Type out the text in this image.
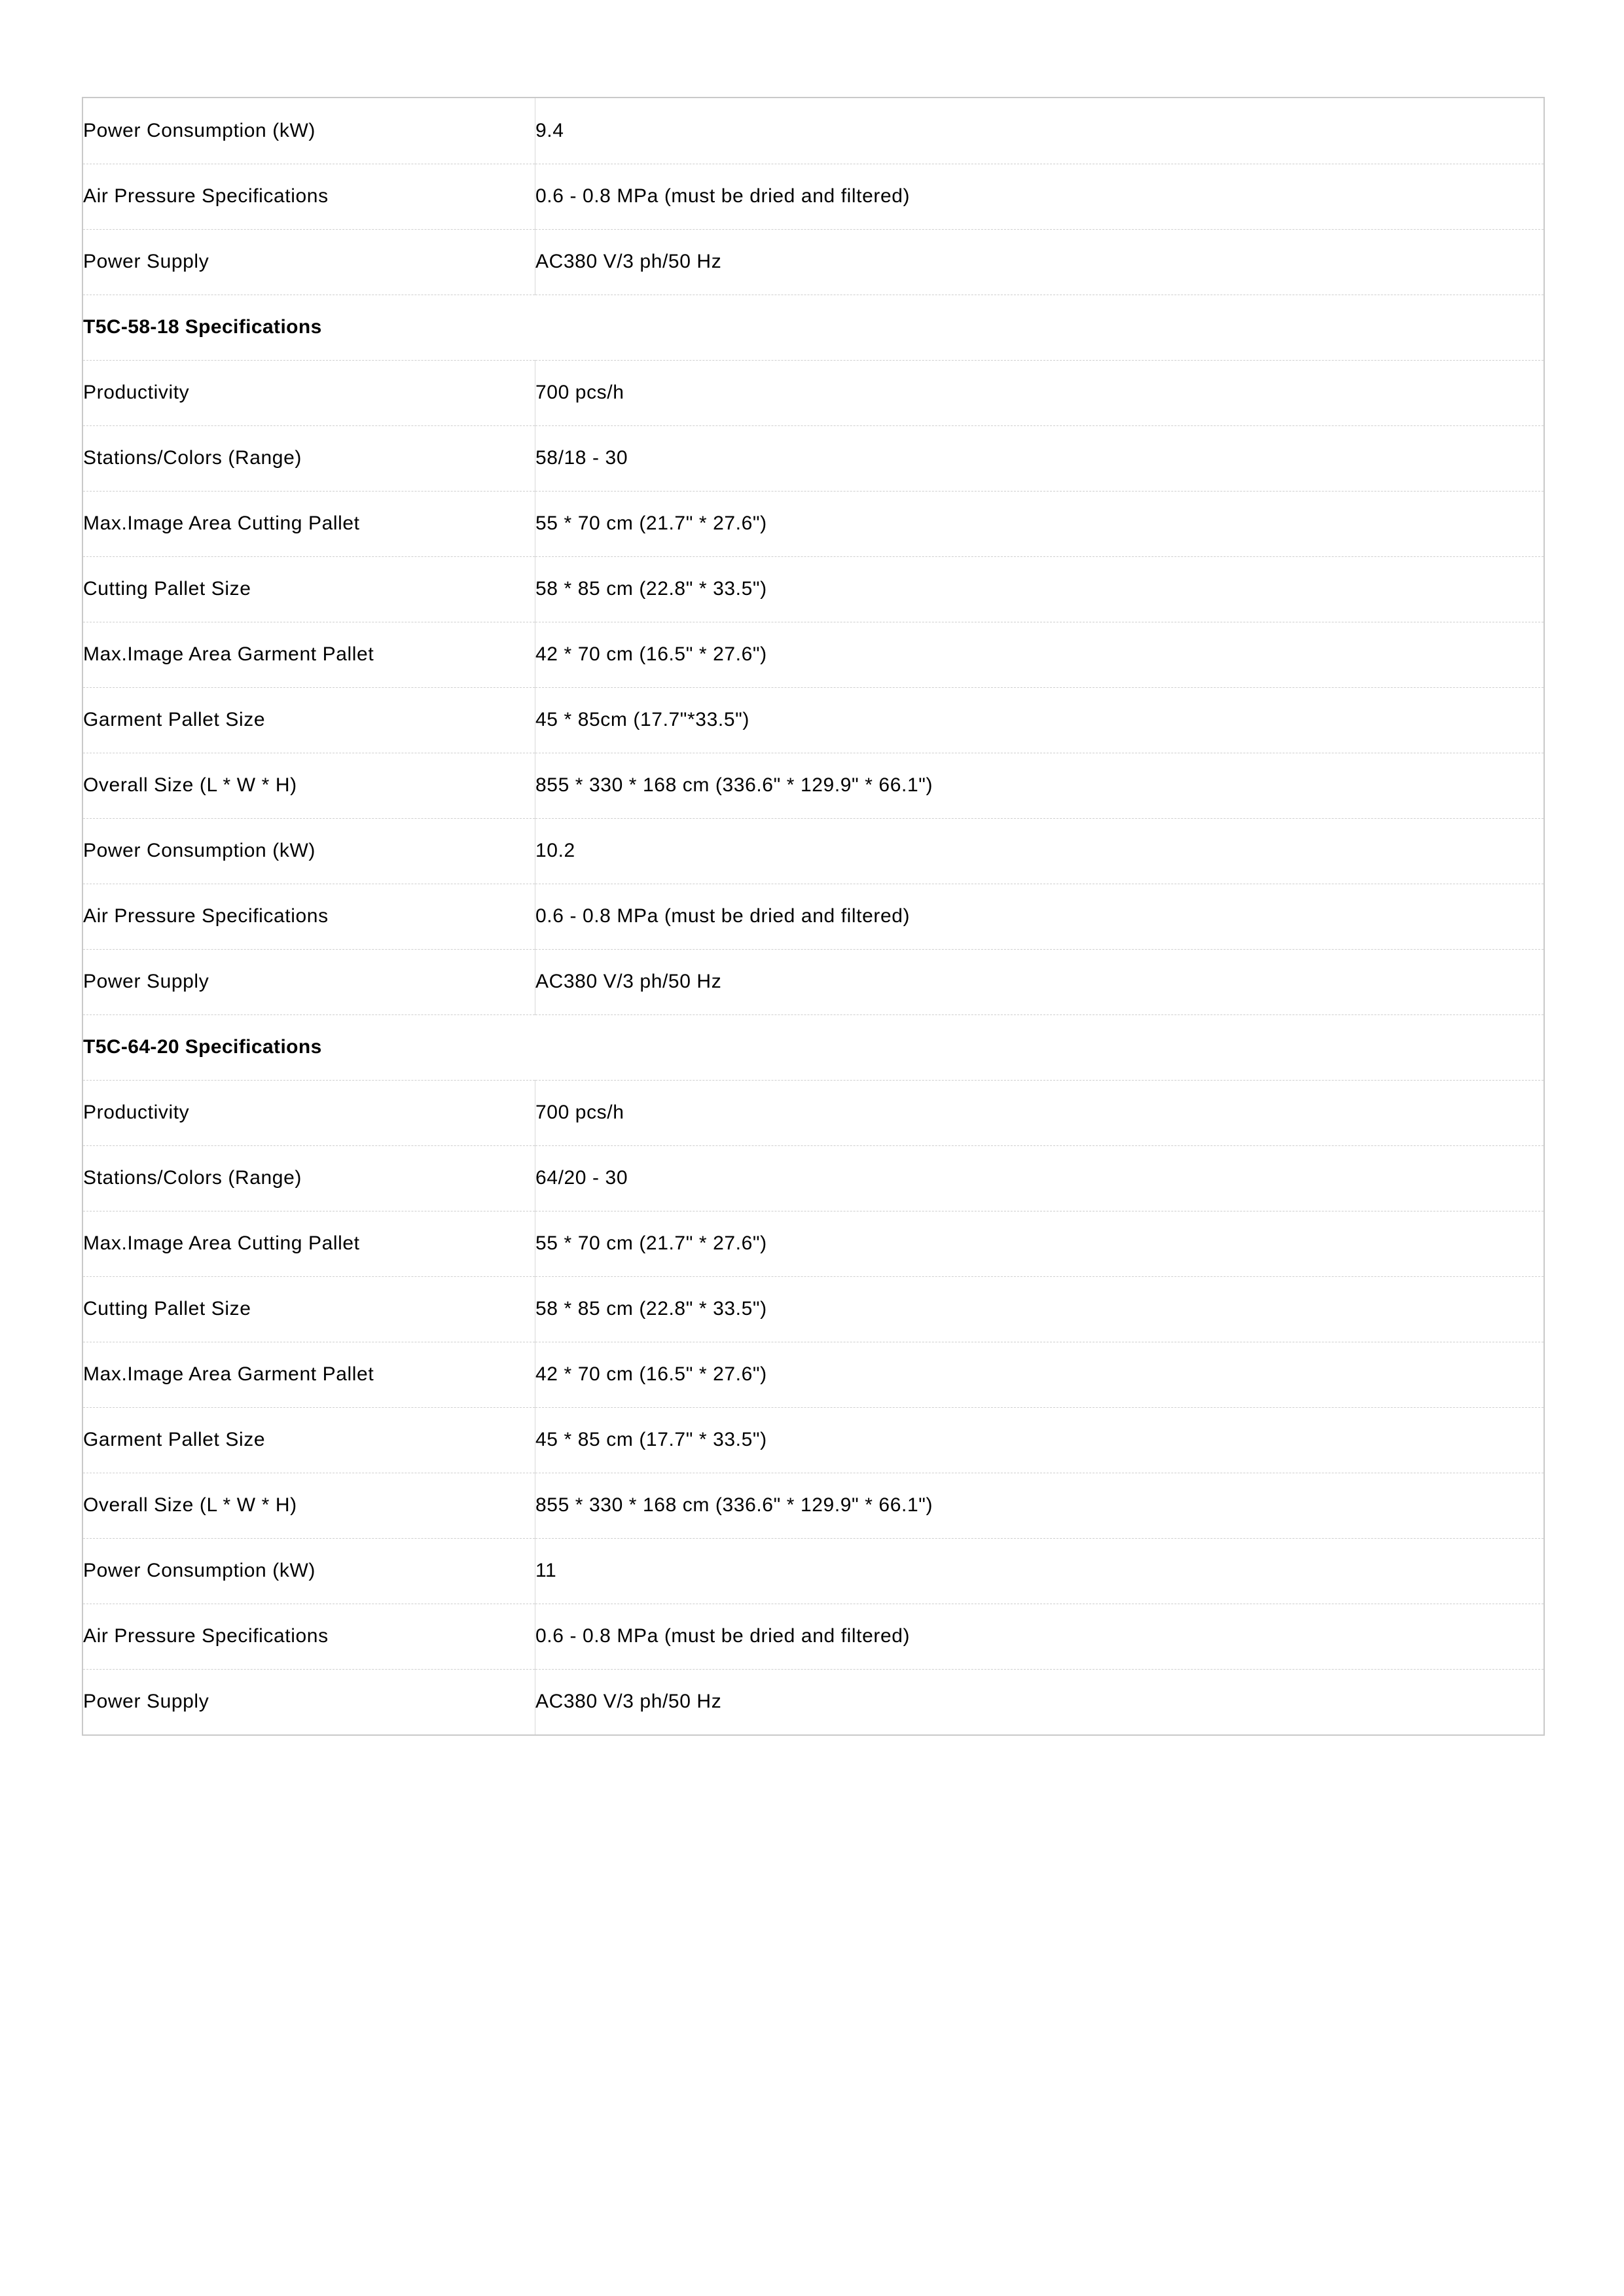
Power Consumption (kW)	9.4
Air Pressure Specifications	0.6 - 0.8 MPa (must be dried and filtered)
Power Supply	AC380 V/3 ph/50 Hz
T5C-58-18 Specifications	
Productivity	700 pcs/h
Stations/Colors (Range)	58/18 - 30
Max.Image Area Cutting Pallet	55 * 70 cm (21.7" * 27.6")
Cutting Pallet Size	58 * 85 cm (22.8" * 33.5")
Max.Image Area Garment Pallet	42 * 70 cm (16.5" * 27.6")
Garment Pallet Size	45 * 85cm (17.7"*33.5")
Overall Size (L * W * H)	855 * 330 * 168 cm (336.6" * 129.9" * 66.1")
Power Consumption (kW)	10.2
Air Pressure Specifications	0.6 - 0.8 MPa (must be dried and filtered)
Power Supply	AC380 V/3 ph/50 Hz
T5C-64-20 Specifications	
Productivity	700 pcs/h
Stations/Colors (Range)	64/20 - 30
Max.Image Area Cutting Pallet	55 * 70 cm (21.7" * 27.6")
Cutting Pallet Size	58 * 85 cm (22.8" * 33.5")
Max.Image Area Garment Pallet	42 * 70 cm (16.5" * 27.6")
Garment Pallet Size	45 * 85 cm (17.7" * 33.5")
Overall Size (L * W * H)	855 * 330 * 168 cm (336.6" * 129.9" * 66.1")
Power Consumption (kW)	11
Air Pressure Specifications	0.6 - 0.8 MPa (must be dried and filtered)
Power Supply	AC380 V/3 ph/50 Hz
